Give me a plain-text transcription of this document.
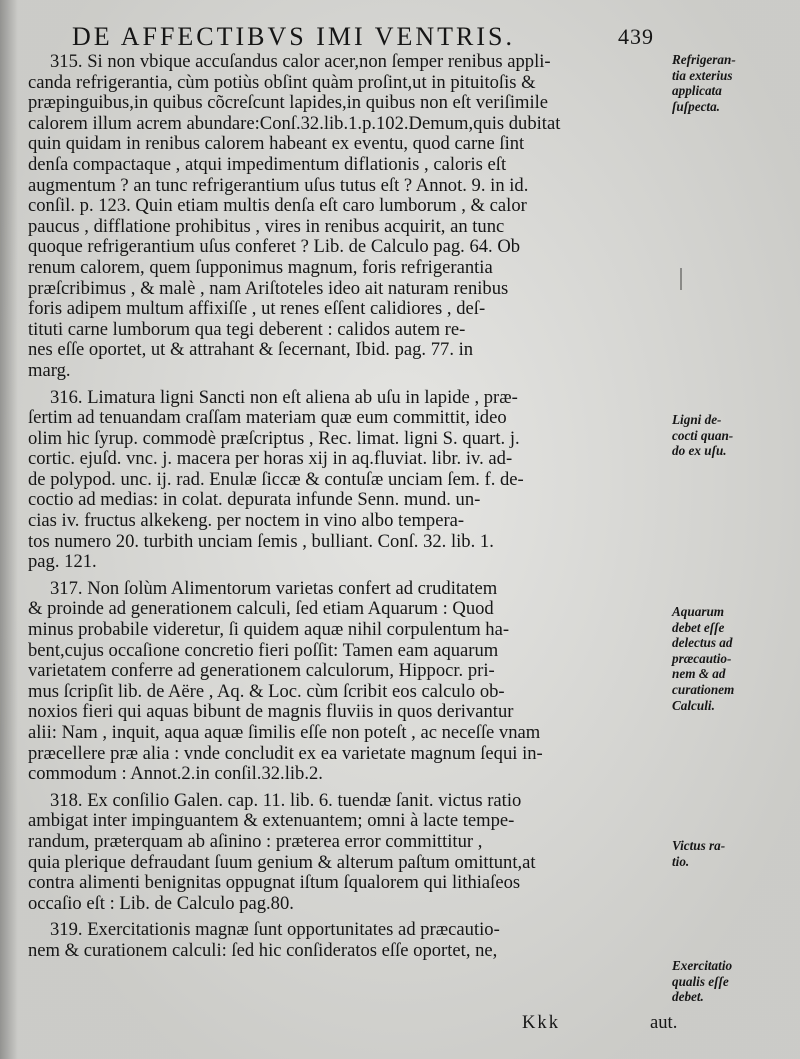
DE AFFECTIBVS IMI VENTRIS.	439
315. Si non vbique accuſandus calor acer,non ſemper renibus appli-
canda refrigerantia, cùm potiùs obſint quàm proſint,ut in pituitoſis &
præpinguibus,in quibus cõcreſcunt lapides,in quibus non eſt veriſimile
calorem illum acrem abundare:Conſ.32.lib.1.p.102.Demum,quis dubitat
quin quidam in renibus calorem habeant ex eventu, quod carne ſint
denſa compactaque , atqui impedimentum diflationis , caloris eſt
augmentum ? an tunc refrigerantium uſus tutus eſt ? Annot. 9. in id.
conſil. p. 123. Quin etiam multis denſa eſt caro lumborum , & calor
paucus , difflatione prohibitus , vires in renibus acquirit, an tunc
quoque refrigerantium uſus conferet ? Lib. de Calculo pag. 64. Ob
renum calorem, quem ſupponimus magnum, foris refrigerantia
præſcribimus , & malè , nam Ariſtoteles ideo ait naturam renibus
foris adipem multum affixiſſe , ut renes eſſent calidiores , deſ-
tituti carne lumborum qua tegi deberent : calidos autem re-
nes eſſe oportet, ut & attrahant & ſecernant, Ibid. pag. 77. in
marg.
316. Limatura ligni Sancti non eſt aliena ab uſu in lapide , præ-
ſertim ad tenuandam craſſam materiam quæ eum committit, ideo
olim hic ſyrup. commodè præſcriptus , Rec. limat. ligni S. quart. j.
cortic. ejuſd. vnc. j. macera per horas xij in aq.fluviat. libr. iv. ad-
de polypod. unc. ij. rad. Enulæ ſiccæ & contuſæ unciam ſem. f. de-
coctio ad medias: in colat. depurata infunde Senn. mund. un-
cias iv. fructus alkekeng. per noctem in vino albo tempera-
tos numero 20. turbith unciam ſemis , bulliant. Conſ. 32. lib. 1.
pag. 121.
317. Non ſolùm Alimentorum varietas confert ad cruditatem
& proinde ad generationem calculi, ſed etiam Aquarum : Quod
minus probabile videretur, ſi quidem aquæ nihil corpulentum ha-
bent,cujus occaſione concretio fieri poſſit: Tamen eam aquarum
varietatem conferre ad generationem calculorum, Hippocr. pri-
mus ſcripſit lib. de Aëre , Aq. & Loc. cùm ſcribit eos calculo ob-
noxios fieri qui aquas bibunt de magnis fluviis in quos derivantur
alii: Nam , inquit, aqua aquæ ſimilis eſſe non poteſt , ac neceſſe vnam
præcellere præ alia : vnde concludit ex ea varietate magnum ſequi in-
commodum : Annot.2.in conſil.32.lib.2.
318. Ex conſilio Galen. cap. 11. lib. 6. tuendæ ſanit. victus ratio
ambigat inter impinguantem & extenuantem; omni à lacte tempe-
randum, præterquam ab aſinino : præterea error committitur ,
quia plerique defraudant ſuum genium & alterum paſtum omittunt,at
contra alimenti benignitas oppugnat iſtum ſqualorem qui lithiaſeos
occaſio eſt : Lib. de Calculo pag.80.
319. Exercitationis magnæ ſunt opportunitates ad præcautio-
nem & curationem calculi: ſed hic conſideratos eſſe oportet, ne,
Refrigeran-
tia exterius
applicata
ſuſpecta.
Ligni de-
cocti quan-
do ex uſu.
Aquarum
debet eſſe
delectus ad
præcautio-
nem & ad
curationem
Calculi.
Victus ra-
tio.
Exercitatio
qualis eſſe
debet.
Kkk	aut.
